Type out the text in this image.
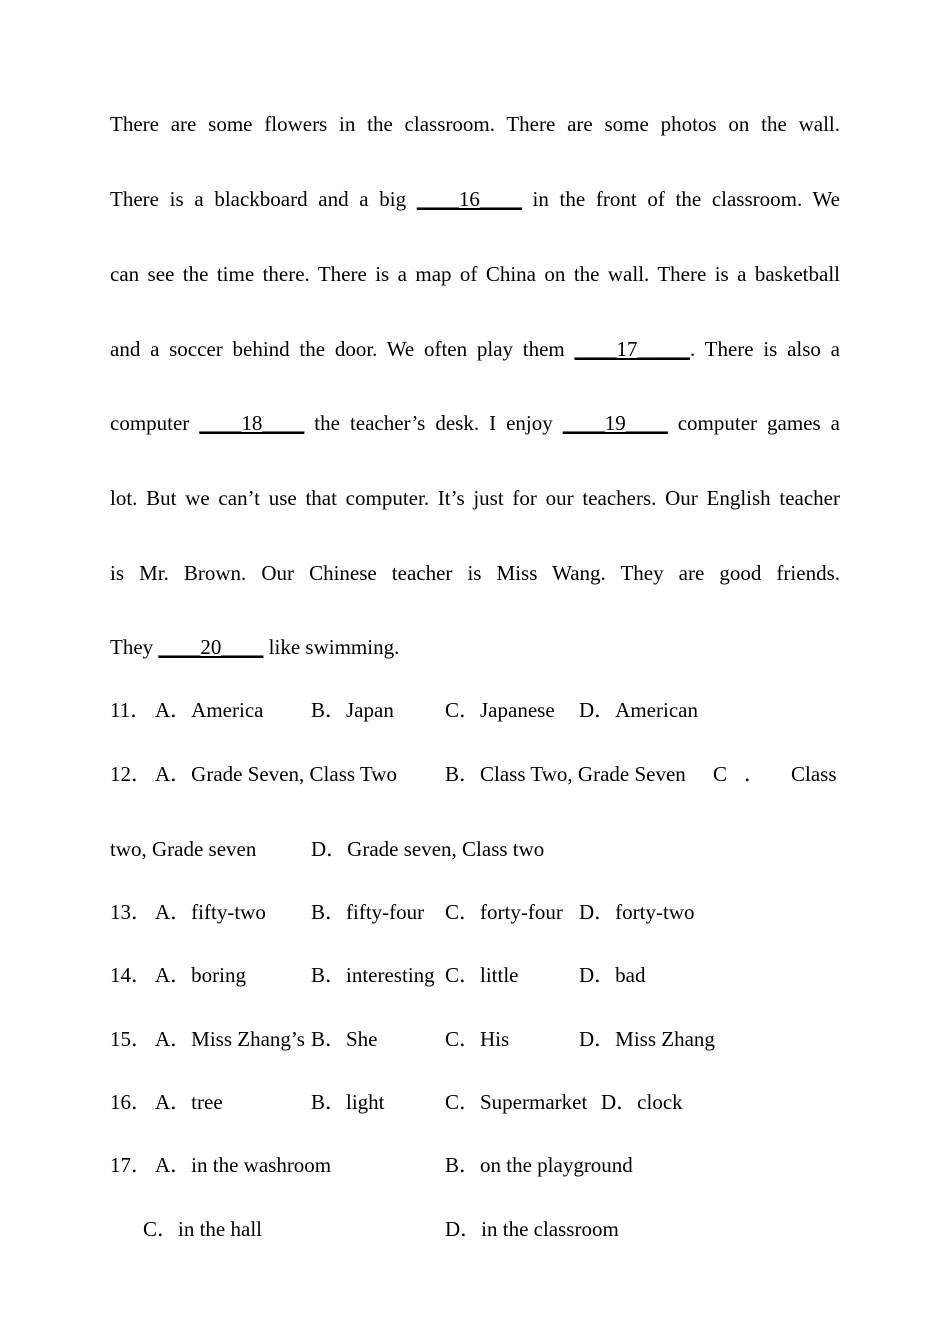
There are some flowers in the classroom. There are some photos on the wall.
There is a blackboard and a big ____16____ in the front of the classroom. We
can see the time there. There is a map of China on the wall. There is a basketball
and a soccer behind the door. We often play them ____17_____. There is also a
computer ____18____ the teacher’s desk. I enjoy ____19____ computer games a
lot. But we can’t use that computer. It’s just for our teachers. Our English teacher
is Mr. Brown. Our Chinese teacher is Miss Wang. They are good friends.
They ____20____ like swimming.
11． A．America B．Japan C．Japanese D．American
12． A．Grade Seven, Class Two B．Class Two, Grade Seven C ． Class
two, Grade seven	D．Grade seven, Class two
13． A．fifty-two B．fifty-four C．forty-four D．forty-two
14． A．boring	B．interesting C．little	D．bad
15． A．Miss Zhang’s B．She	C．His	D．Miss Zhang
16． A．tree	B．light	C．Supermarket D．clock
17． A．in the washroom	B．on the playground
C．in the hall	D．in the classroom
